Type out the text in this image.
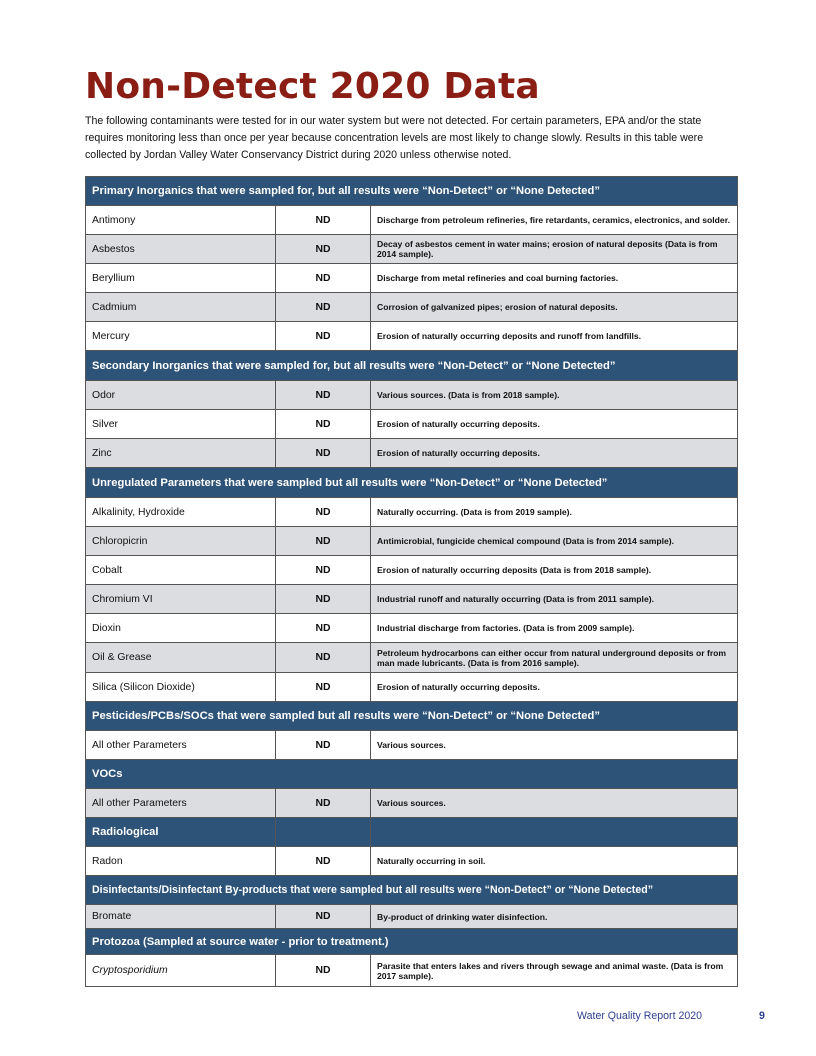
Non-Detect 2020 Data

The following contaminants were tested for in our water system but were not detected. For certain parameters, EPA and/or the state requires monitoring less than once per year because concentration levels are most likely to change slowly. Results in this table were collected by Jordan Valley Water Conservancy District during 2020 unless otherwise noted.

Primary Inorganics that were sampled for, but all results were “Non-Detect” or “None Detected”		
Antimony	ND	Discharge from petroleum refineries, fire retardants, ceramics, electronics, and solder.
Asbestos	ND	Decay of asbestos cement in water mains; erosion of natural deposits (Data is from 2014 sample).
Beryllium	ND	Discharge from metal refineries and coal burning factories.
Cadmium	ND	Corrosion of galvanized pipes; erosion of natural deposits.
Mercury	ND	Erosion of naturally occurring deposits and runoff from landfills.
Secondary Inorganics that were sampled for, but all results were “Non-Detect” or “None Detected”		
Odor	ND	Various sources. (Data is from 2018 sample).
Silver	ND	Erosion of naturally occurring deposits.
Zinc	ND	Erosion of naturally occurring deposits.
Unregulated Parameters that were sampled but all results were “Non-Detect” or “None Detected”		
Alkalinity, Hydroxide	ND	Naturally occurring. (Data is from 2019 sample).
Chloropicrin	ND	Antimicrobial, fungicide chemical compound (Data is from 2014 sample).
Cobalt	ND	Erosion of naturally occurring deposits (Data is from 2018 sample).
Chromium VI	ND	Industrial runoff and naturally occurring (Data is from 2011 sample).
Dioxin	ND	Industrial discharge from factories. (Data is from 2009 sample).
Oil & Grease	ND	Petroleum hydrocarbons can either occur from natural underground deposits or from man made lubricants. (Data is from 2016 sample).
Silica (Silicon Dioxide)	ND	Erosion of naturally occurring deposits.
Pesticides/PCBs/SOCs that were sampled but all results were “Non-Detect” or “None Detected”		
All other Parameters	ND	Various sources.
VOCs		
All other Parameters	ND	Various sources.
Radiological		
Radon	ND	Naturally occurring in soil.
Disinfectants/Disinfectant By-products that were sampled but all results were “Non-Detect” or “None Detected”		
Bromate	ND	By-product of drinking water disinfection.
Protozoa (Sampled at source water - prior to treatment.)		
Cryptosporidium	ND	Parasite that enters lakes and rivers through sewage and animal waste. (Data is from 2017 sample).
Water Quality Report 2020	9
